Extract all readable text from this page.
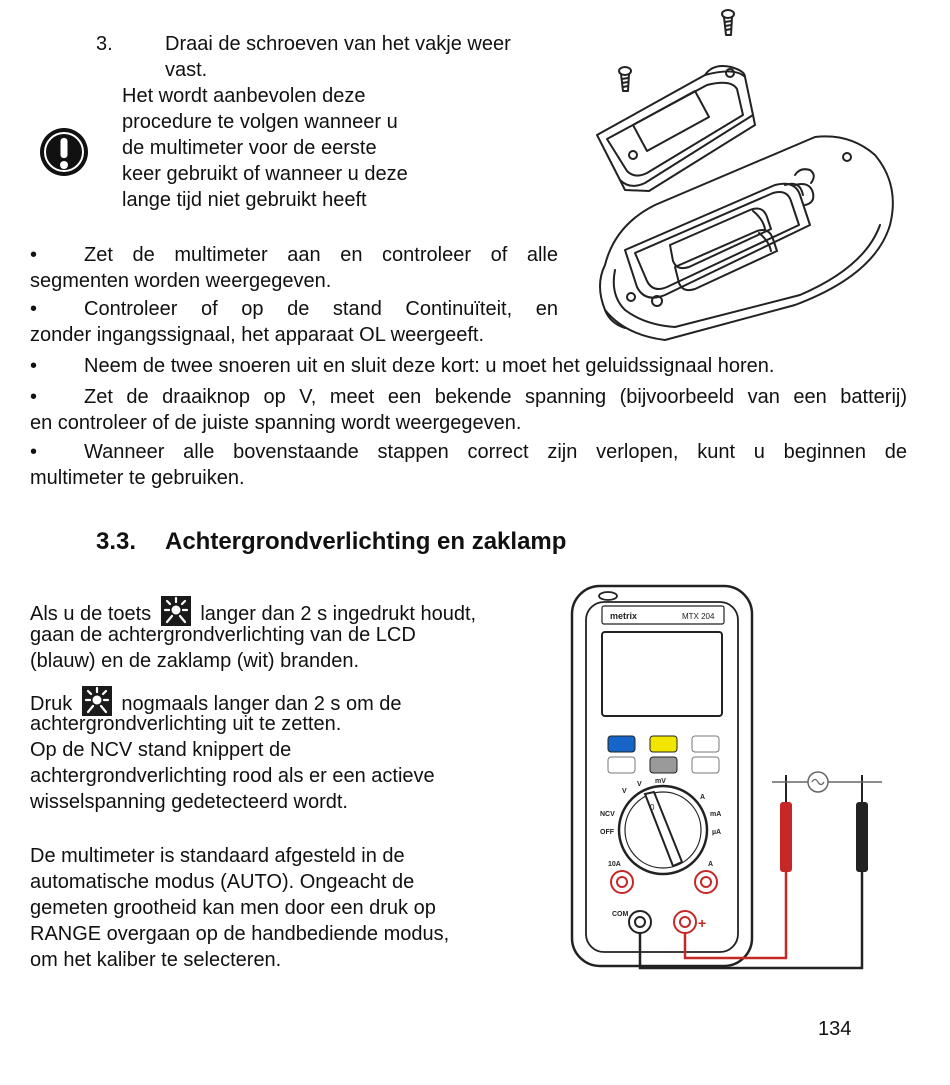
3.	Draai de schroeven van het vakje weer
vast.
Het wordt aanbevolen deze
procedure te volgen wanneer u
de multimeter voor de eerste
keer gebruikt of wanneer u deze
lange tijd niet gebruikt heeft
• Zet de multimeter aan en controleer of alle
segmenten worden weergegeven.
• Controleer of op de stand Continuïteit, en
zonder ingangssignaal, het apparaat OL weergeeft.
• Neem de twee snoeren uit en sluit deze kort: u moet het geluidssignaal horen.
• Zet de draaiknop op V, meet een bekende spanning (bijvoorbeeld van een batterij)
en controleer of de juiste spanning wordt weergegeven.
• Wanneer alle bovenstaande stappen correct zijn verlopen, kunt u beginnen de
multimeter te gebruiken.
3.3. Achtergrondverlichting en zaklamp
Als u de toets langer dan 2 s ingedrukt houdt,
gaan de achtergrondverlichting van de LCD
(blauw) en de zaklamp (wit) branden.
Druk nogmaals langer dan 2 s om de
achtergrondverlichting uit te zetten.
Op de NCV stand knippert de
achtergrondverlichting rood als er een actieve
wisselspanning gedetecteerd wordt.
De multimeter is standaard afgesteld in de
automatische modus (AUTO). Ongeacht de
gemeten grootheid kan men door een druk op
RANGE overgaan op de handbediende modus,
om het kaliber te selecteren.
metrix	MTX 204
0
V
V mV
A
NCV
OFF
mA
µA
10A	A
COM
+
134
